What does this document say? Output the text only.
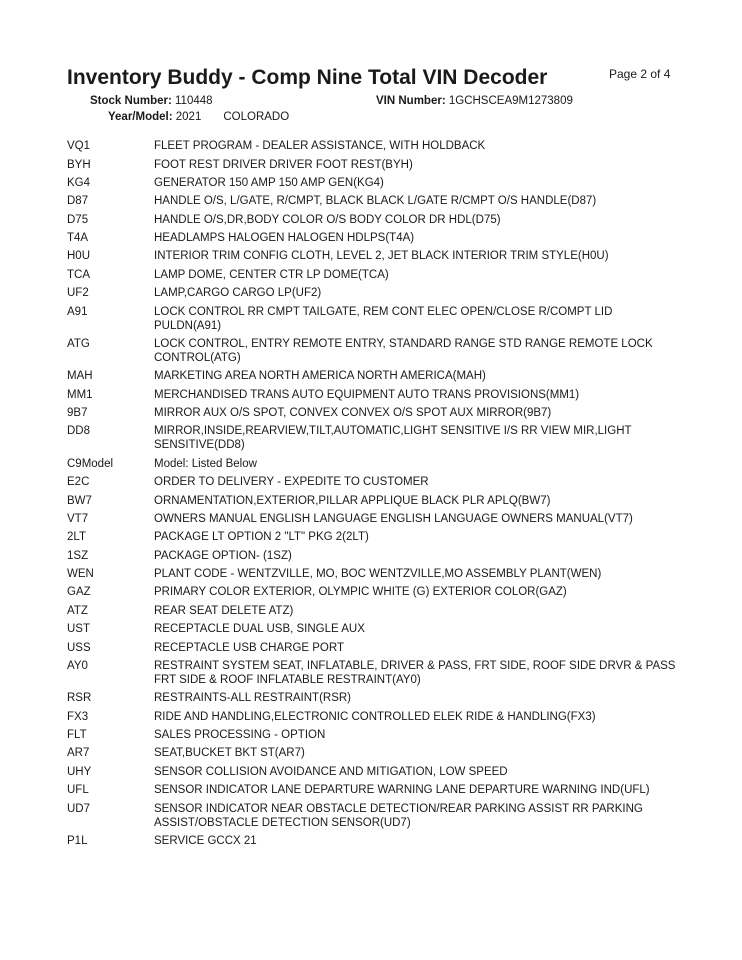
Inventory Buddy - Comp Nine Total VIN Decoder	Page 2 of 4
Stock Number: 110448	VIN Number: 1GCHSCEA9M1273809
Year/Model: 2021 COLORADO
VQ1	FLEET PROGRAM - DEALER ASSISTANCE, WITH HOLDBACK
BYH	FOOT REST DRIVER DRIVER FOOT REST(BYH)
KG4	GENERATOR 150 AMP 150 AMP GEN(KG4)
D87	HANDLE O/S, L/GATE, R/CMPT, BLACK BLACK L/GATE R/CMPT O/S HANDLE(D87)
D75	HANDLE O/S,DR,BODY COLOR O/S BODY COLOR DR HDL(D75)
T4A	HEADLAMPS HALOGEN HALOGEN HDLPS(T4A)
H0U	INTERIOR TRIM CONFIG CLOTH, LEVEL 2, JET BLACK INTERIOR TRIM STYLE(H0U)
TCA	LAMP DOME, CENTER CTR LP DOME(TCA)
UF2	LAMP,CARGO CARGO LP(UF2)
A91	LOCK CONTROL RR CMPT TAILGATE, REM CONT ELEC OPEN/CLOSE R/COMPT LID PULDN(A91)
ATG	LOCK CONTROL, ENTRY REMOTE ENTRY, STANDARD RANGE STD RANGE REMOTE LOCK CONTROL(ATG)
MAH	MARKETING AREA NORTH AMERICA NORTH AMERICA(MAH)
MM1	MERCHANDISED TRANS AUTO EQUIPMENT AUTO TRANS PROVISIONS(MM1)
9B7	MIRROR AUX O/S SPOT, CONVEX CONVEX O/S SPOT AUX MIRROR(9B7)
DD8	MIRROR,INSIDE,REARVIEW,TILT,AUTOMATIC,LIGHT SENSITIVE I/S RR VIEW MIR,LIGHT SENSITIVE(DD8)
C9Model	Model: Listed Below
E2C	ORDER TO DELIVERY - EXPEDITE TO CUSTOMER
BW7	ORNAMENTATION,EXTERIOR,PILLAR APPLIQUE BLACK PLR APLQ(BW7)
VT7	OWNERS MANUAL ENGLISH LANGUAGE ENGLISH LANGUAGE OWNERS MANUAL(VT7)
2LT	PACKAGE LT OPTION 2 "LT" PKG 2(2LT)
1SZ	PACKAGE OPTION- (1SZ)
WEN	PLANT CODE - WENTZVILLE, MO, BOC WENTZVILLE,MO ASSEMBLY PLANT(WEN)
GAZ	PRIMARY COLOR EXTERIOR, OLYMPIC WHITE (G) EXTERIOR COLOR(GAZ)
ATZ	REAR SEAT DELETE ATZ)
UST	RECEPTACLE DUAL USB, SINGLE AUX
USS	RECEPTACLE USB CHARGE PORT
AY0	RESTRAINT SYSTEM SEAT, INFLATABLE, DRIVER & PASS, FRT SIDE, ROOF SIDE DRVR & PASS FRT SIDE & ROOF INFLATABLE RESTRAINT(AY0)
RSR	RESTRAINTS-ALL RESTRAINT(RSR)
FX3	RIDE AND HANDLING,ELECTRONIC CONTROLLED ELEK RIDE & HANDLING(FX3)
FLT	SALES PROCESSING - OPTION
AR7	SEAT,BUCKET BKT ST(AR7)
UHY	SENSOR COLLISION AVOIDANCE AND MITIGATION, LOW SPEED
UFL	SENSOR INDICATOR LANE DEPARTURE WARNING LANE DEPARTURE WARNING IND(UFL)
UD7	SENSOR INDICATOR NEAR OBSTACLE DETECTION/REAR PARKING ASSIST RR PARKING ASSIST/OBSTACLE DETECTION SENSOR(UD7)
P1L	SERVICE GCCX 21
